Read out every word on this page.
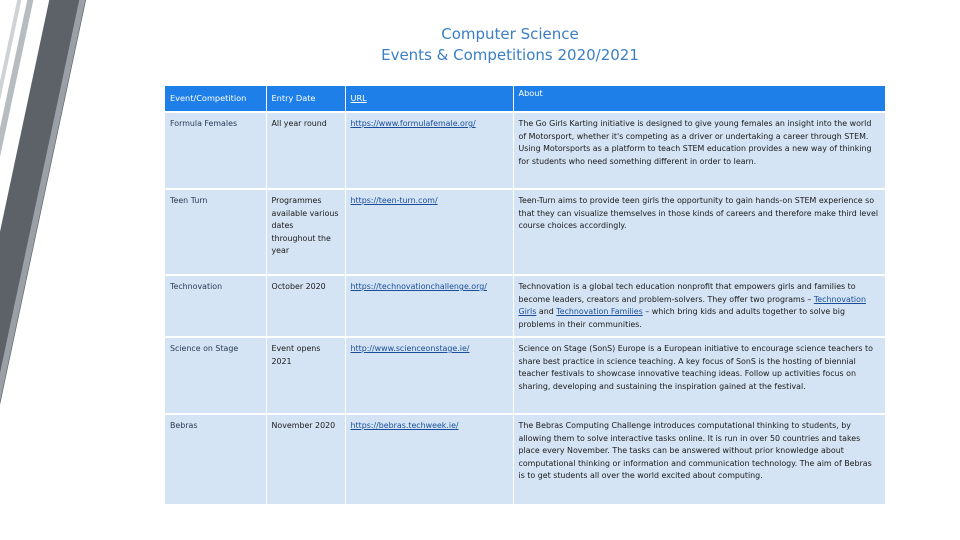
Computer Science
Events & Competitions 2020/2021
Event/Competition	Entry Date	URL	About
Formula Females	All year round	https://www.formulafemale.org/	The Go Girls Karting initiative is designed to give young females an insight into the world of Motorsport, whether it's competing as a driver or undertaking a career through STEM.
Using Motorsports as a platform to teach STEM education provides a new way of thinking for students who need something different in order to learn.

Teen Turn	Programmes available various dates throughout the year	https://teen-turn.com/	Teen-Turn aims to provide teen girls the opportunity to gain hands-on STEM experience so that they can visualize themselves in those kinds of careers and therefore make third level course choices accordingly.
Technovation	October 2020	https://technovationchallenge.org/	Technovation is a global tech education nonprofit that empowers girls and families to become leaders, creators and problem-solvers. They offer two programs – Technovation Girls and Technovation Families – which bring kids and adults together to solve big problems in their communities.
Science on Stage	Event opens 2021	http://www.scienceonstage.ie/	Science on Stage (SonS) Europe is a European initiative to encourage science teachers to share best practice in science teaching. A key focus of SonS is the hosting of biennial teacher festivals to showcase innovative teaching ideas. Follow up activities focus on sharing, developing and sustaining the inspiration gained at the festival.
Bebras	November 2020	https://bebras.techweek.ie/	The Bebras Computing Challenge introduces computational thinking to students, by allowing them to solve interactive tasks online. It is run in over 50 countries and takes place every November. The tasks can be answered without prior knowledge about computational thinking or information and communication technology. The aim of Bebras is to get students all over the world excited about computing.
